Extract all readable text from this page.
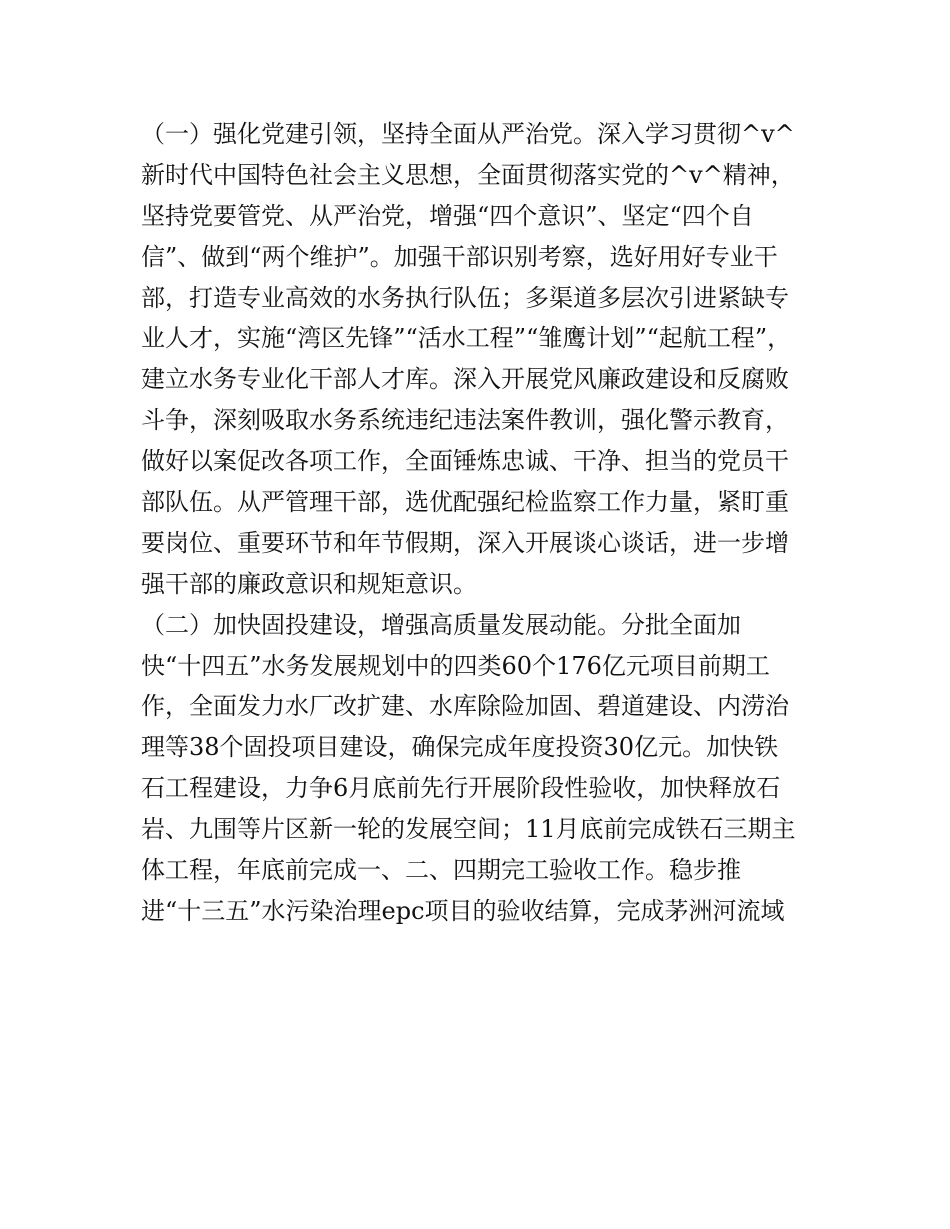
（一）强化党建引领，坚持全面从严治党。深入学习贯彻^v^
新时代中国特色社会主义思想，全面贯彻落实党的^v^精神，
坚持党要管党、从严治党，增强“四个意识”、坚定“四个自
信”、做到“两个维护”。加强干部识别考察，选好用好专业干
部，打造专业高效的水务执行队伍；多渠道多层次引进紧缺专
业人才，实施“湾区先锋”“活水工程”“雏鹰计划”“起航工程”，
建立水务专业化干部人才库。深入开展党风廉政建设和反腐败
斗争，深刻吸取水务系统违纪违法案件教训，强化警示教育，
做好以案促改各项工作，全面锤炼忠诚、干净、担当的党员干
部队伍。从严管理干部，选优配强纪检监察工作力量，紧盯重
要岗位、重要环节和年节假期，深入开展谈心谈话，进一步增
强干部的廉政意识和规矩意识。
（二）加快固投建设，增强高质量发展动能。分批全面加
快“十四五”水务发展规划中的四类60个176亿元项目前期工
作，全面发力水厂改扩建、水库除险加固、碧道建设、内涝治
理等38个固投项目建设，确保完成年度投资30亿元。加快铁
石工程建设，力争6月底前先行开展阶段性验收，加快释放石
岩、九围等片区新一轮的发展空间；11月底前完成铁石三期主
体工程，年底前完成一、二、四期完工验收工作。稳步推
进“十三五”水污染治理epc项目的验收结算，完成茅洲河流域
